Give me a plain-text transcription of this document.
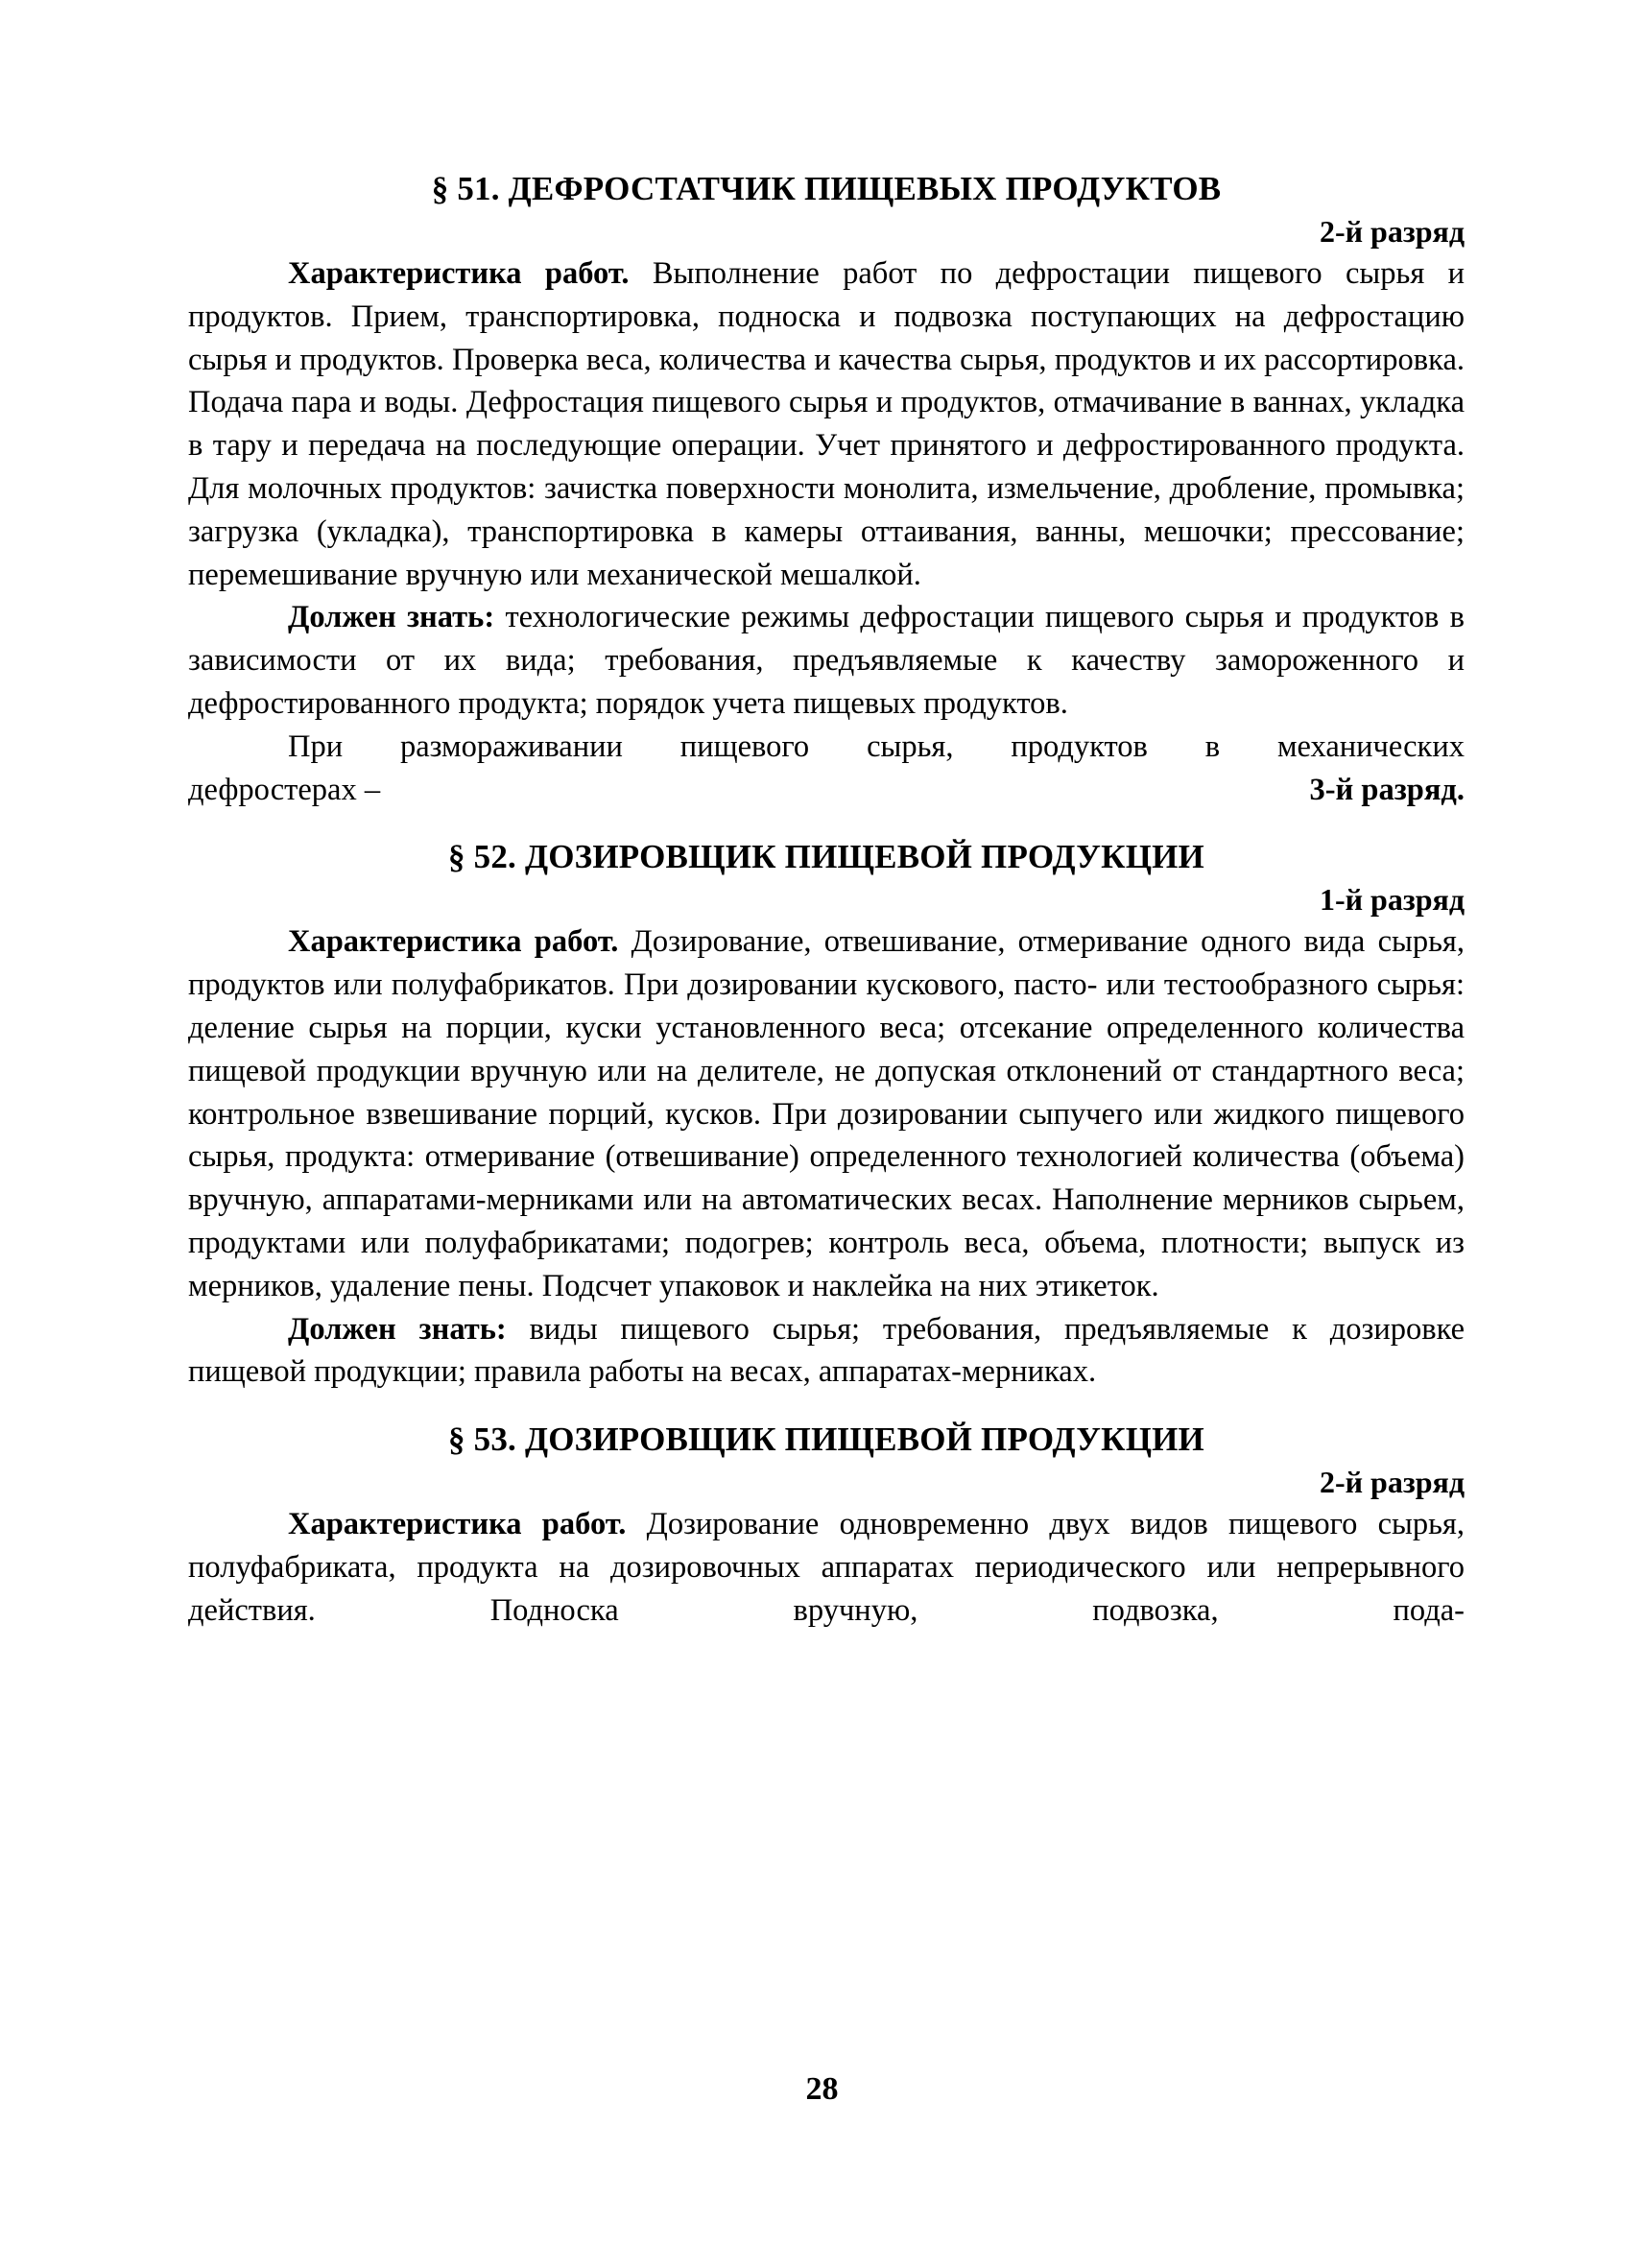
§ 51. ДЕФРОСТАТЧИК ПИЩЕВЫХ ПРОДУКТОВ
2-й разряд

Характеристика работ. Выполнение работ по дефростации пищевого сырья и продуктов. Прием, транспортировка, подноска и подвозка поступающих на дефростацию сырья и продуктов. Проверка веса, количества и качества сырья, продуктов и их рассортировка. Подача пара и воды. Дефростация пищевого сырья и продуктов, отмачивание в ваннах, укладка в тару и передача на последующие операции. Учет принятого и дефростированного продукта. Для молочных продуктов: зачистка поверхности монолита, измельчение, дробление, промывка; загрузка (укладка), транспортировка в камеры оттаивания, ванны, мешочки; прессование; перемешивание вручную или механической мешалкой.

Должен знать: технологические режимы дефростации пищевого сырья и продуктов в зависимости от их вида; требования, предъявляемые к качеству замороженного и дефростированного продукта; порядок учета пищевых продуктов.

При размораживании пищевого сырья, продуктов в механических

дефростерах –	3-й разряд.
§ 52. ДОЗИРОВЩИК ПИЩЕВОЙ ПРОДУКЦИИ
1-й разряд

Характеристика работ. Дозирование, отвешивание, отмеривание одного вида сырья, продуктов или полуфабрикатов. При дозировании кускового, пасто- или тестообразного сырья: деление сырья на порции, куски установленного веса; отсекание определенного количества пищевой продукции вручную или на делителе, не допуская отклонений от стандартного веса; контрольное взвешивание порций, кусков. При дозировании сыпучего или жидкого пищевого сырья, продукта: отмеривание (отвешивание) определенного технологией количества (объема) вручную, аппаратами-мерниками или на автоматических весах. Наполнение мерников сырьем, продуктами или полуфабрикатами; подогрев; контроль веса, объема, плотности; выпуск из мерников, удаление пены. Подсчет упаковок и наклейка на них этикеток.

Должен знать: виды пищевого сырья; требования, предъявляемые к дозировке пищевой продукции; правила работы на весах, аппаратах-мерниках.

§ 53. ДОЗИРОВЩИК ПИЩЕВОЙ ПРОДУКЦИИ
2-й разряд

Характеристика работ. Дозирование одновременно двух видов пищевого сырья, полуфабриката, продукта на дозировочных аппаратах периодического или непрерывного действия. Подноска вручную, подвозка, пода-

28
